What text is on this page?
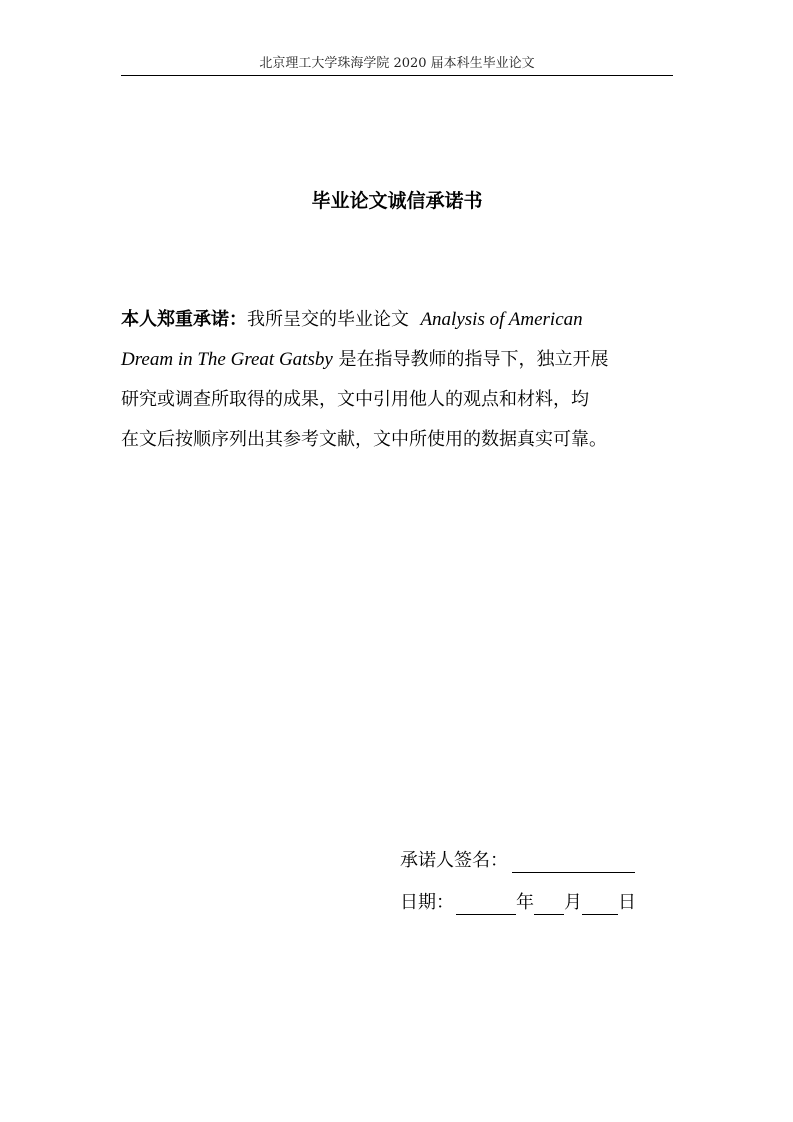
北京理工大学珠海学院 2020 届本科生毕业论文
毕业论文诚信承诺书
本人郑重承诺：我所呈交的毕业论文 Analysis of American
Dream in The Great Gatsby 是在指导教师的指导下，独立开展
研究或调查所取得的成果，文中引用他人的观点和材料，均
在文后按顺序列出其参考文献，文中所使用的数据真实可靠。
承诺人签名：
日期：	年 月 日
